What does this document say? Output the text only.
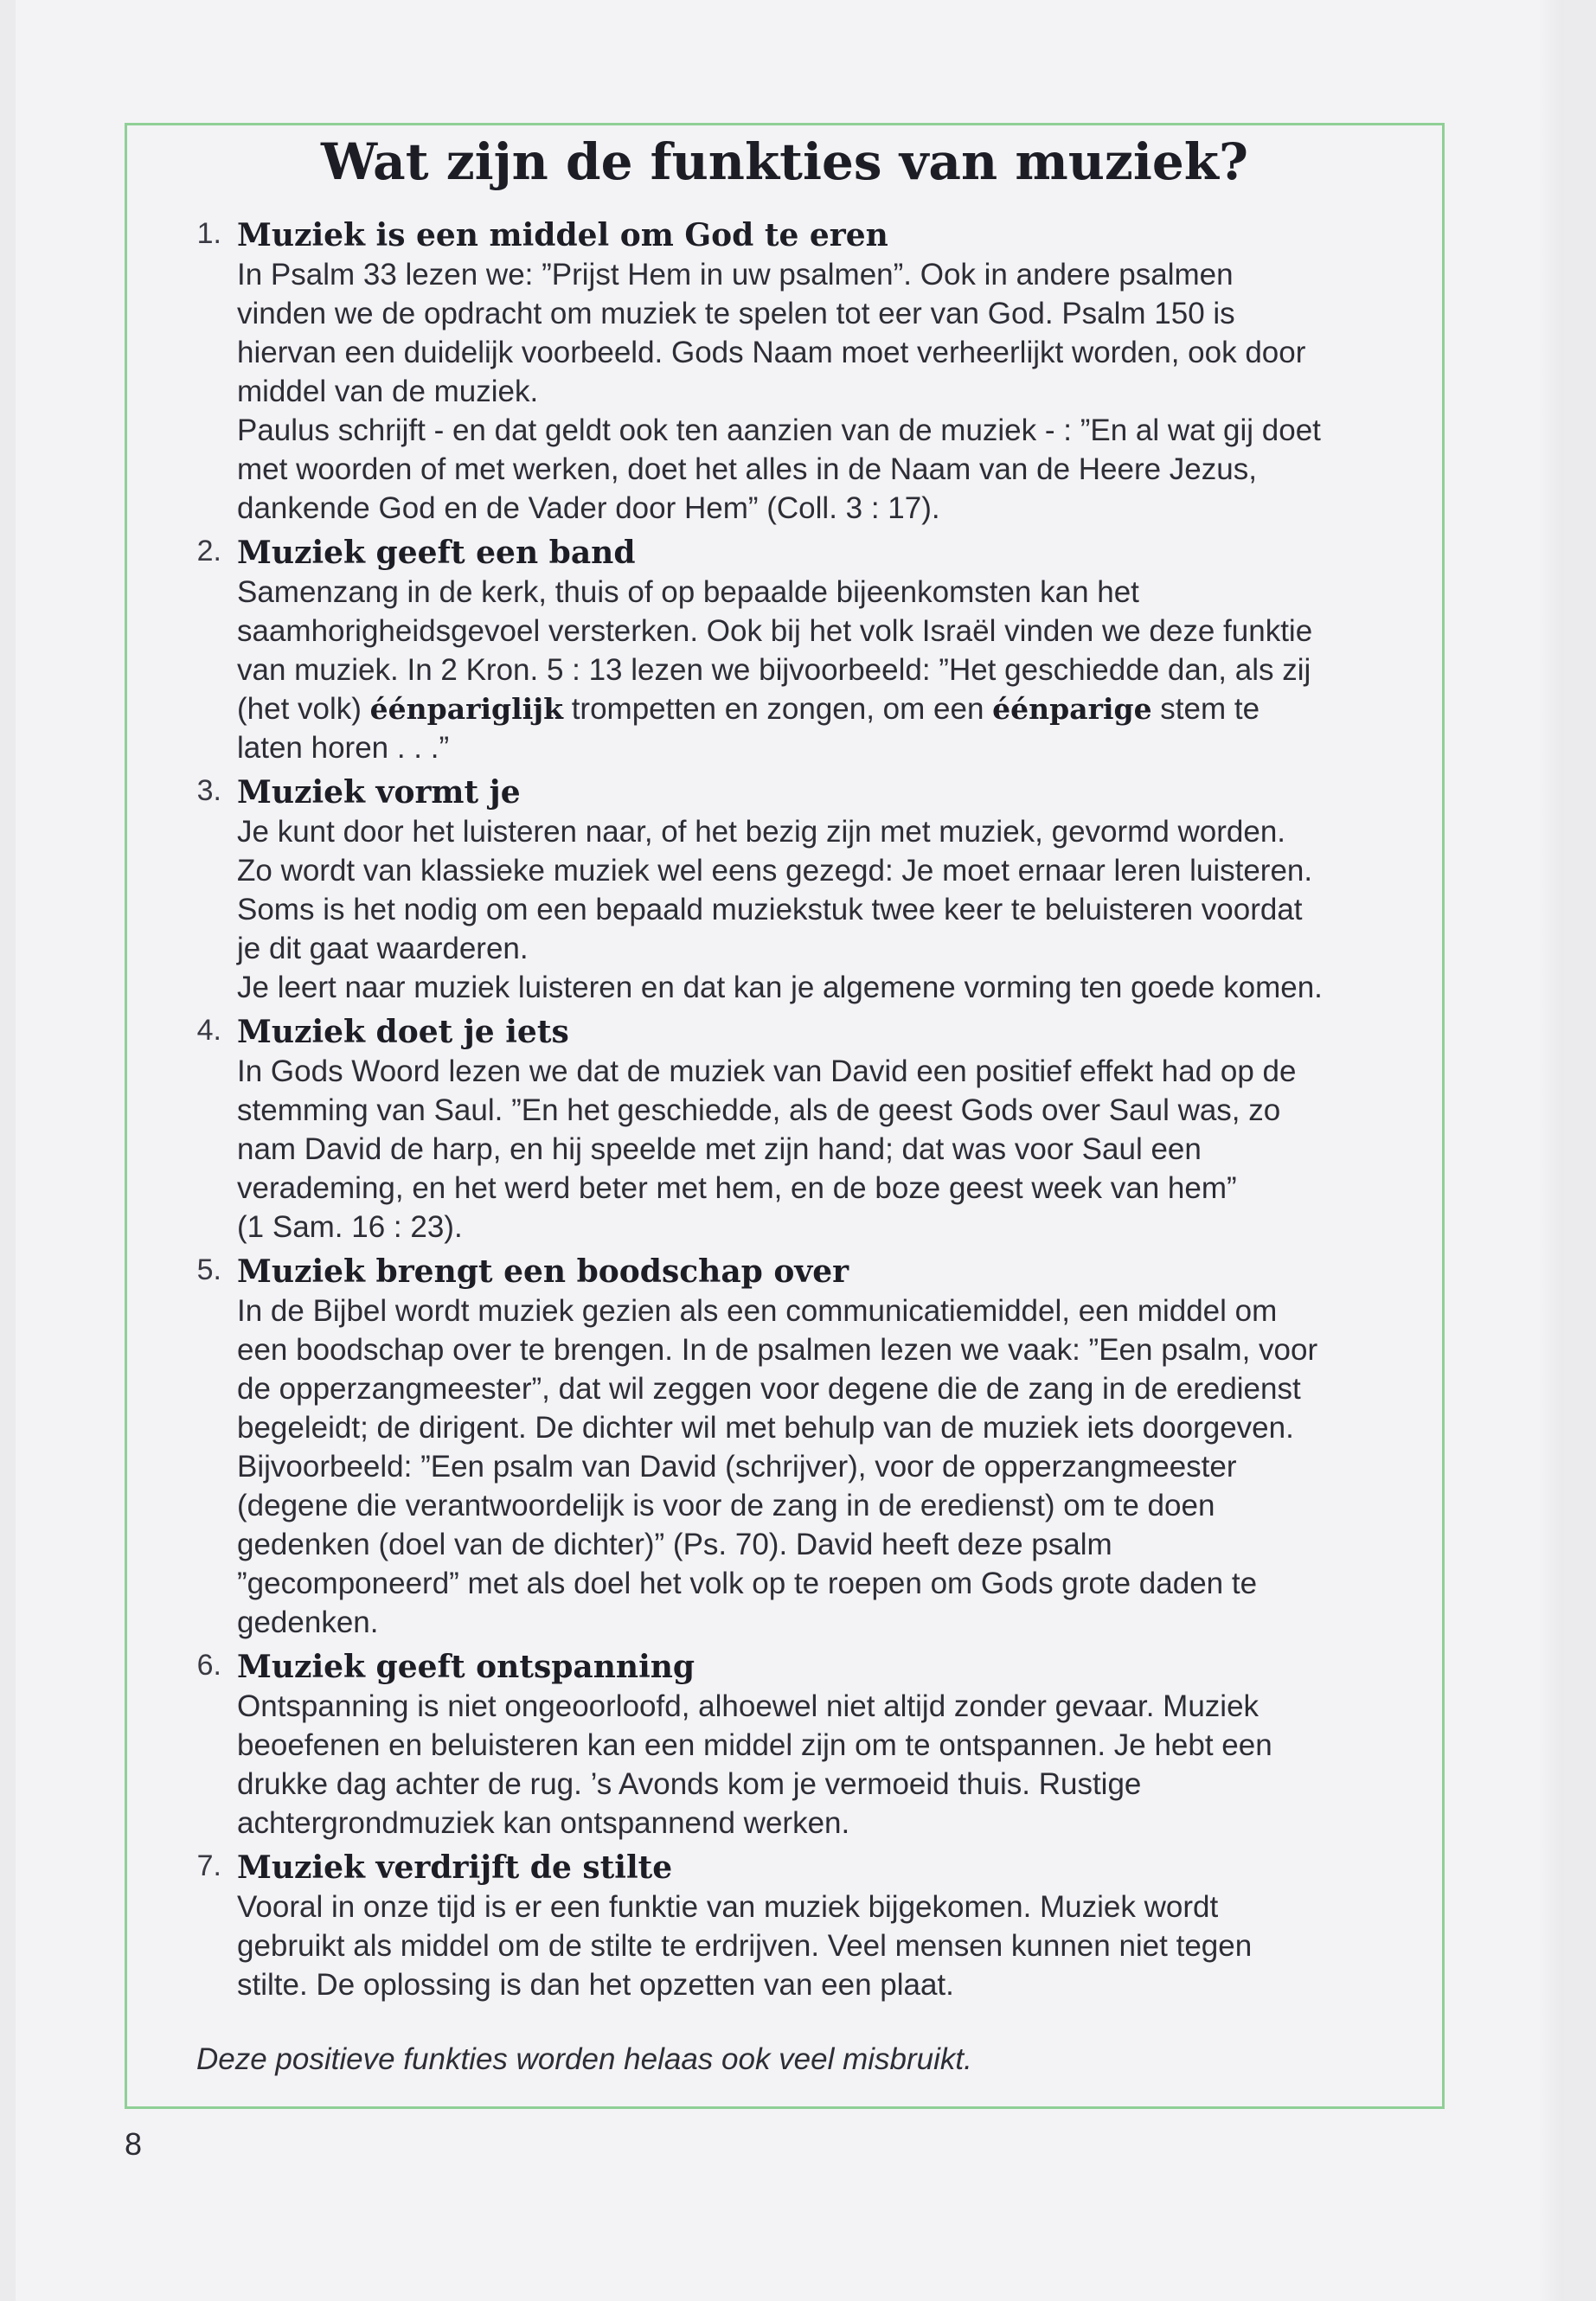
Wat zijn de funkties van muziek?
1. Muziek is een middel om God te eren
In Psalm 33 lezen we: ”Prijst Hem in uw psalmen”. Ook in andere psalmen
vinden we de opdracht om muziek te spelen tot eer van God. Psalm 150 is
hiervan een duidelijk voorbeeld. Gods Naam moet verheerlijkt worden, ook door
middel van de muziek.
Paulus schrijft - en dat geldt ook ten aanzien van de muziek - : ”En al wat gij doet
met woorden of met werken, doet het alles in de Naam van de Heere Jezus,
dankende God en de Vader door Hem” (Coll. 3 : 17).
2. Muziek geeft een band
Samenzang in de kerk, thuis of op bepaalde bijeenkomsten kan het
saamhorigheidsgevoel versterken. Ook bij het volk Israël vinden we deze funktie
van muziek. In 2 Kron. 5 : 13 lezen we bijvoorbeeld: ”Het geschiedde dan, als zij
(het volk) éénpariglijk trompetten en zongen, om een éénparige stem te
laten horen . . .”
3. Muziek vormt je
Je kunt door het luisteren naar, of het bezig zijn met muziek, gevormd worden.
Zo wordt van klassieke muziek wel eens gezegd: Je moet ernaar leren luisteren.
Soms is het nodig om een bepaald muziekstuk twee keer te beluisteren voordat
je dit gaat waarderen.
Je leert naar muziek luisteren en dat kan je algemene vorming ten goede komen.
4. Muziek doet je iets
In Gods Woord lezen we dat de muziek van David een positief effekt had op de
stemming van Saul. ”En het geschiedde, als de geest Gods over Saul was, zo
nam David de harp, en hij speelde met zijn hand; dat was voor Saul een
verademing, en het werd beter met hem, en de boze geest week van hem”
(1 Sam. 16 : 23).
5. Muziek brengt een boodschap over
In de Bijbel wordt muziek gezien als een communicatiemiddel, een middel om
een boodschap over te brengen. In de psalmen lezen we vaak: ”Een psalm, voor
de opperzangmeester”, dat wil zeggen voor degene die de zang in de eredienst
begeleidt; de dirigent. De dichter wil met behulp van de muziek iets doorgeven.
Bijvoorbeeld: ”Een psalm van David (schrijver), voor de opperzangmeester
(degene die verantwoordelijk is voor de zang in de eredienst) om te doen
gedenken (doel van de dichter)” (Ps. 70). David heeft deze psalm
”gecomponeerd” met als doel het volk op te roepen om Gods grote daden te
gedenken.
6. Muziek geeft ontspanning
Ontspanning is niet ongeoorloofd, alhoewel niet altijd zonder gevaar. Muziek
beoefenen en beluisteren kan een middel zijn om te ontspannen. Je hebt een
drukke dag achter de rug. ’s Avonds kom je vermoeid thuis. Rustige
achtergrondmuziek kan ontspannend werken.
7. Muziek verdrijft de stilte
Vooral in onze tijd is er een funktie van muziek bijgekomen. Muziek wordt
gebruikt als middel om de stilte te erdrijven. Veel mensen kunnen niet tegen
stilte. De oplossing is dan het opzetten van een plaat.
Deze positieve funkties worden helaas ook veel misbruikt.
8
